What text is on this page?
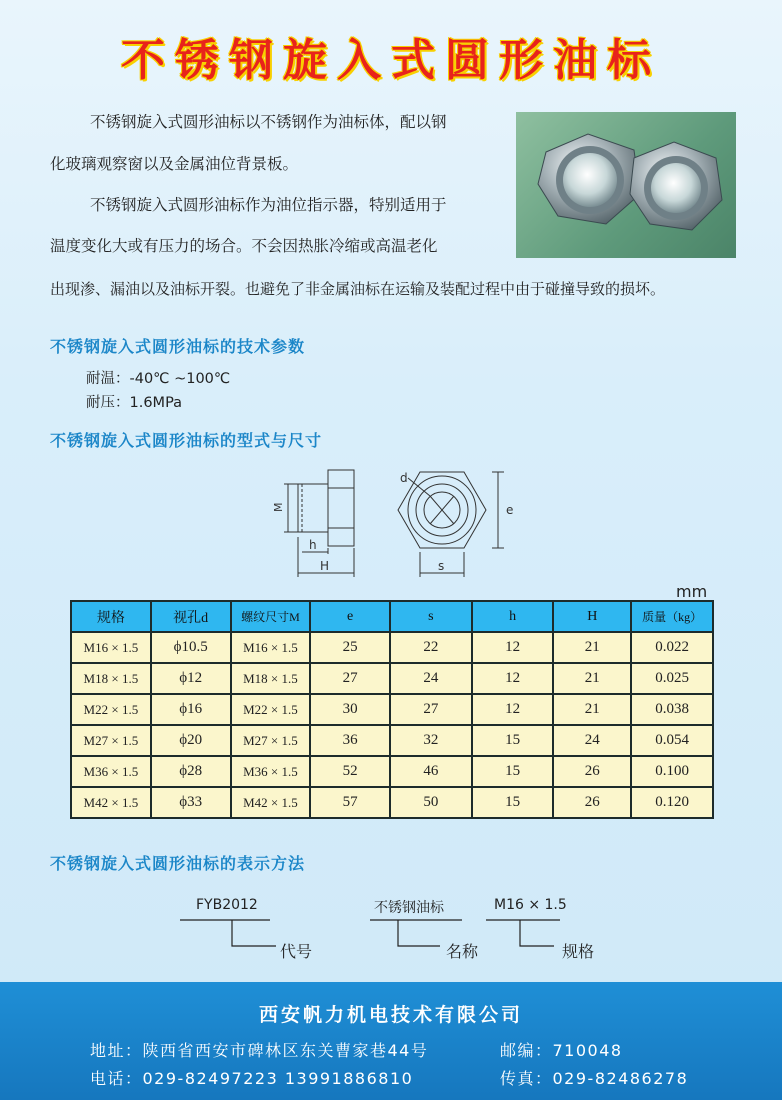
不锈钢旋入式圆形油标
不锈钢旋入式圆形油标以不锈钢作为油标体，配以钢
化玻璃观察窗以及金属油位背景板。
不锈钢旋入式圆形油标作为油位指示器，特别适用于
温度变化大或有压力的场合。不会因热胀冷缩或高温老化
出现渗、漏油以及油标开裂。也避免了非金属油标在运输及装配过程中由于碰撞导致的损坏。
不锈钢旋入式圆形油标的技术参数
耐温：-40℃ ~100℃
耐压：1.6MPa
不锈钢旋入式圆形油标的型式与尺寸
M
h
H
d
e
s
mm
规格	视孔d	螺纹尺寸M	e	s	h	H	质量（kg）
M16 × 1.5	ϕ10.5	M16 × 1.5	25	22	12	21	0.022
M18 × 1.5	ϕ12	M18 × 1.5	27	24	12	21	0.025
M22 × 1.5	ϕ16	M22 × 1.5	30	27	12	21	0.038
M27 × 1.5	ϕ20	M27 × 1.5	36	32	15	24	0.054
M36 × 1.5	ϕ28	M36 × 1.5	52	46	15	26	0.100
M42 × 1.5	ϕ33	M42 × 1.5	57	50	15	26	0.120
不锈钢旋入式圆形油标的表示方法
FYB2012
代号
不锈钢油标
名称
M16 × 1.5
规格
西安帆力机电技术有限公司
地址：陕西省西安市碑林区东关曹家巷44号	邮编：710048
电话：029-82497223 13991886810	传真：029-82486278
